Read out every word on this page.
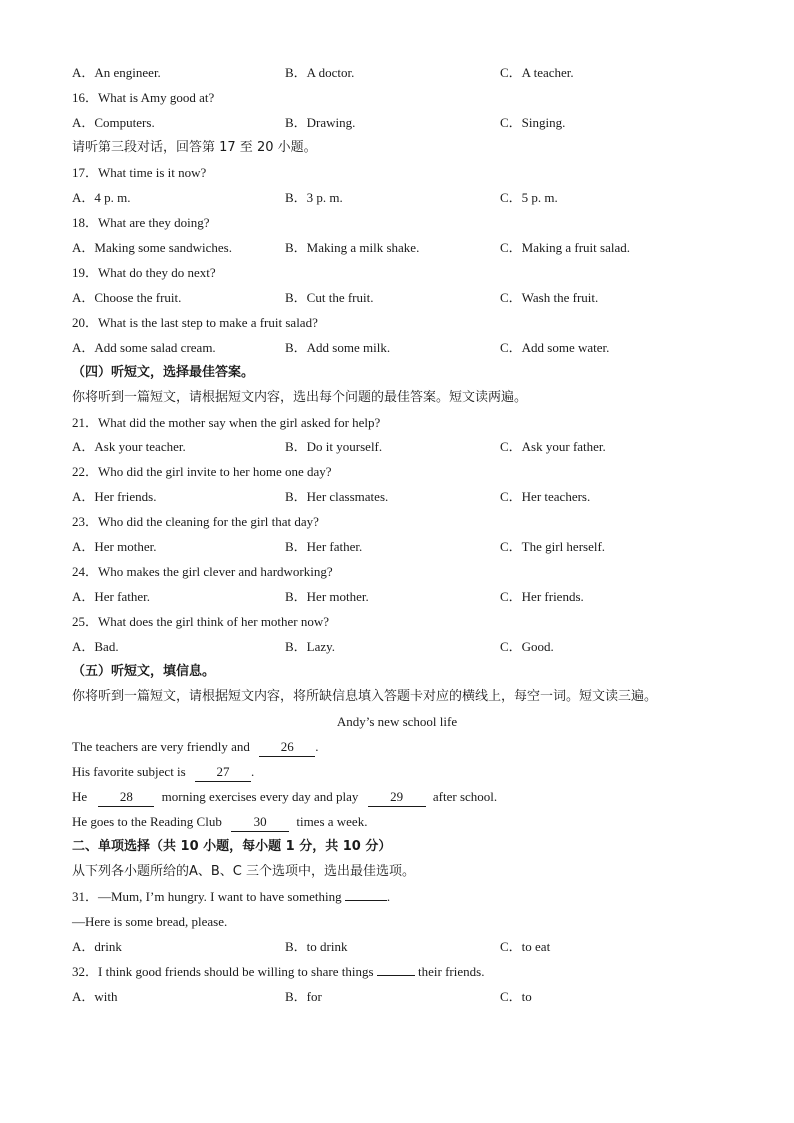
A．An engineer.	B．A doctor.	C．A teacher.
16．What is Amy good at?
A．Computers.	B．Drawing.	C．Singing.
请听第三段对话，回答第 17 至 20 小题。
17．What time is it now?
A．4 p. m.	B．3 p. m.	C．5 p. m.
18．What are they doing?
A．Making some sandwiches.	B．Making a milk shake.	C．Making a fruit salad.
19．What do they do next?
A．Choose the fruit.	B．Cut the fruit.	C．Wash the fruit.
20．What is the last step to make a fruit salad?
A．Add some salad cream.	B．Add some milk.	C．Add some water.
（四）听短文，选择最佳答案。
你将听到一篇短文，请根据短文内容，选出每个问题的最佳答案。短文读两遍。
21．What did the mother say when the girl asked for help?
A．Ask your teacher.	B．Do it yourself.	C．Ask your father.
22．Who did the girl invite to her home one day?
A．Her friends.	B．Her classmates.	C．Her teachers.
23．Who did the cleaning for the girl that day?
A．Her mother.	B．Her father.	C．The girl herself.
24．Who makes the girl clever and hardworking?
A．Her father.	B．Her mother.	C．Her friends.
25．What does the girl think of her mother now?
A．Bad.	B．Lazy.	C．Good.
（五）听短文，填信息。
你将听到一篇短文，请根据短文内容，将所缺信息填入答题卡对应的横线上，每空一词。短文读三遍。
Andy’s new school life
The teachers are very friendly and 26 .
His favorite subject is 27 .
He	28 morning exercises every day and play 29 after school.
He goes to the Reading Club 30 times a week.
二、单项选择（共 10 小题，每小题 1 分，共 10 分）
从下列各小题所给的A、B、C 三个选项中，选出最佳选项。
31．—Mum, I’m hungry. I want to have something	.
—Here is some bread, please.
A．drink	B．to drink	C．to eat
32．I think good friends should be willing to share things	their friends.
A．with	B．for	C．to
